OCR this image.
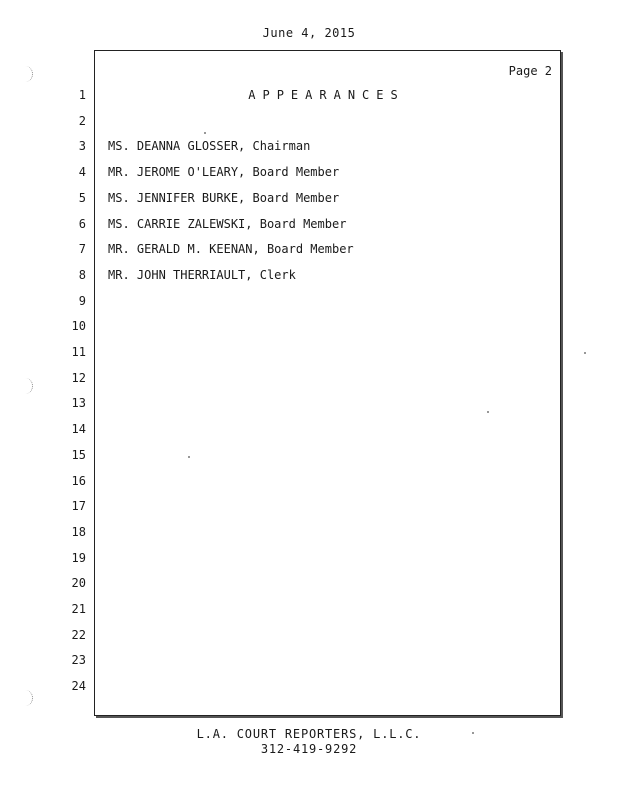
June 4, 2015
Page 2
APPEARANCES
1
2
3 MS. DEANNA GLOSSER, Chairman
4 MR. JEROME O'LEARY, Board Member
5 MS. JENNIFER BURKE, Board Member
6 MS. CARRIE ZALEWSKI, Board Member
7 MR. GERALD M. KEENAN, Board Member
8 MR. JOHN THERRIAULT, Clerk
9
10
11
12
13
14
15
16
17
18
19
20
21
22
23
24
L.A. COURT REPORTERS, L.L.C.
312-419-9292
